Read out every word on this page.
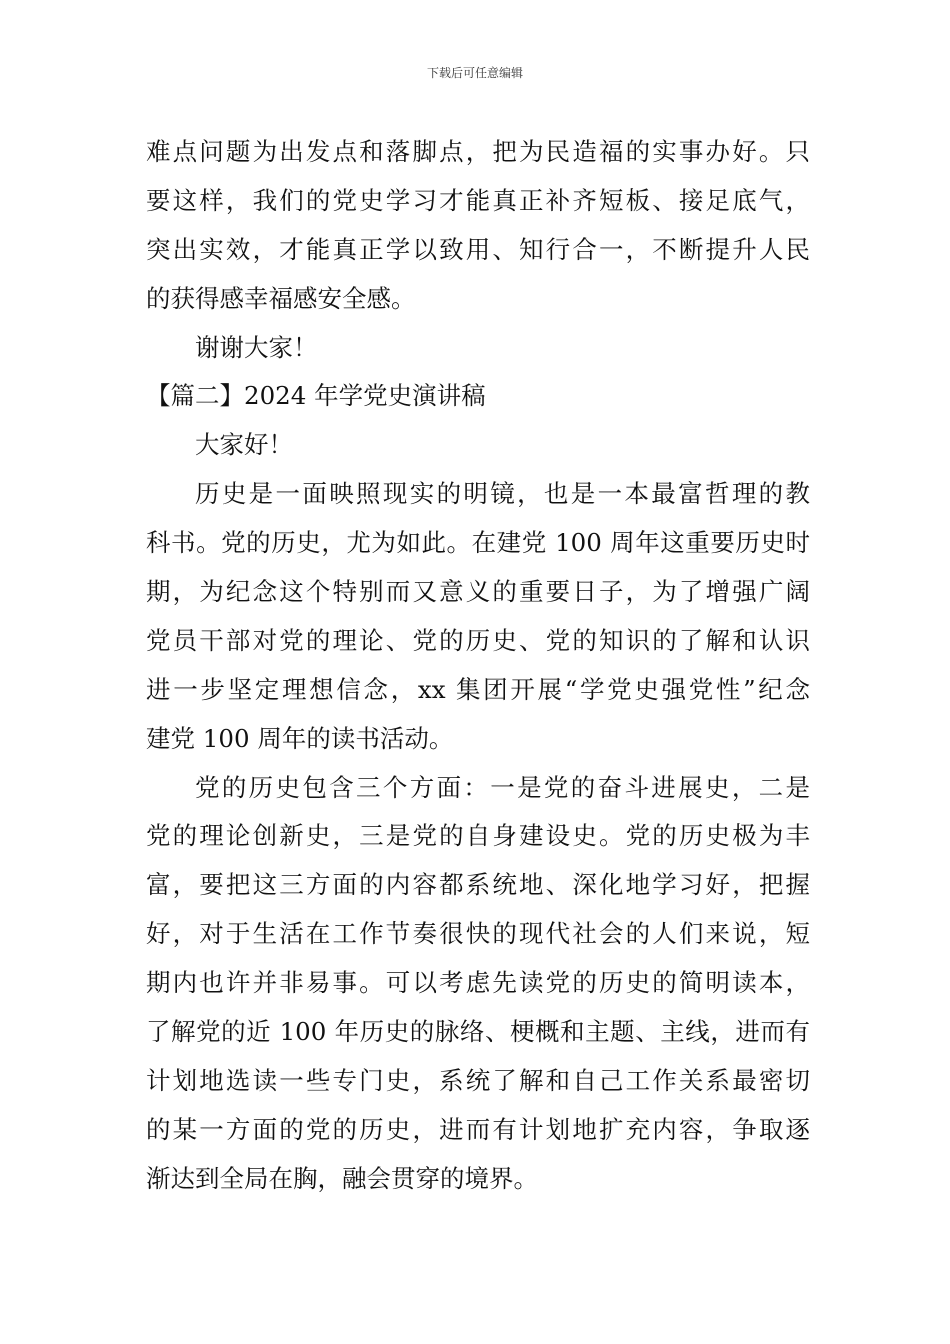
下载后可任意编辑
难点问题为出发点和落脚点，把为民造福的实事办好。只
要这样，我们的党史学习才能真正补齐短板、接足底气，
突出实效，才能真正学以致用、知行合一，不断提升人民
的获得感幸福感安全感。
谢谢大家！
【篇二】2024 年学党史演讲稿
大家好！
历史是一面映照现实的明镜，也是一本最富哲理的教
科书。党的历史，尤为如此。在建党 100 周年这重要历史时
期，为纪念这个特别而又意义的重要日子，为了增强广阔
党员干部对党的理论、党的历史、党的知识的了解和认识
进一步坚定理想信念，xx 集团开展“学党史强党性”纪念
建党 100 周年的读书活动。
党的历史包含三个方面：一是党的奋斗进展史，二是
党的理论创新史，三是党的自身建设史。党的历史极为丰
富，要把这三方面的内容都系统地、深化地学习好，把握
好，对于生活在工作节奏很快的现代社会的人们来说，短
期内也许并非易事。可以考虑先读党的历史的简明读本，
了解党的近 100 年历史的脉络、梗概和主题、主线，进而有
计划地选读一些专门史，系统了解和自己工作关系最密切
的某一方面的党的历史，进而有计划地扩充内容，争取逐
渐达到全局在胸，融会贯穿的境界。
